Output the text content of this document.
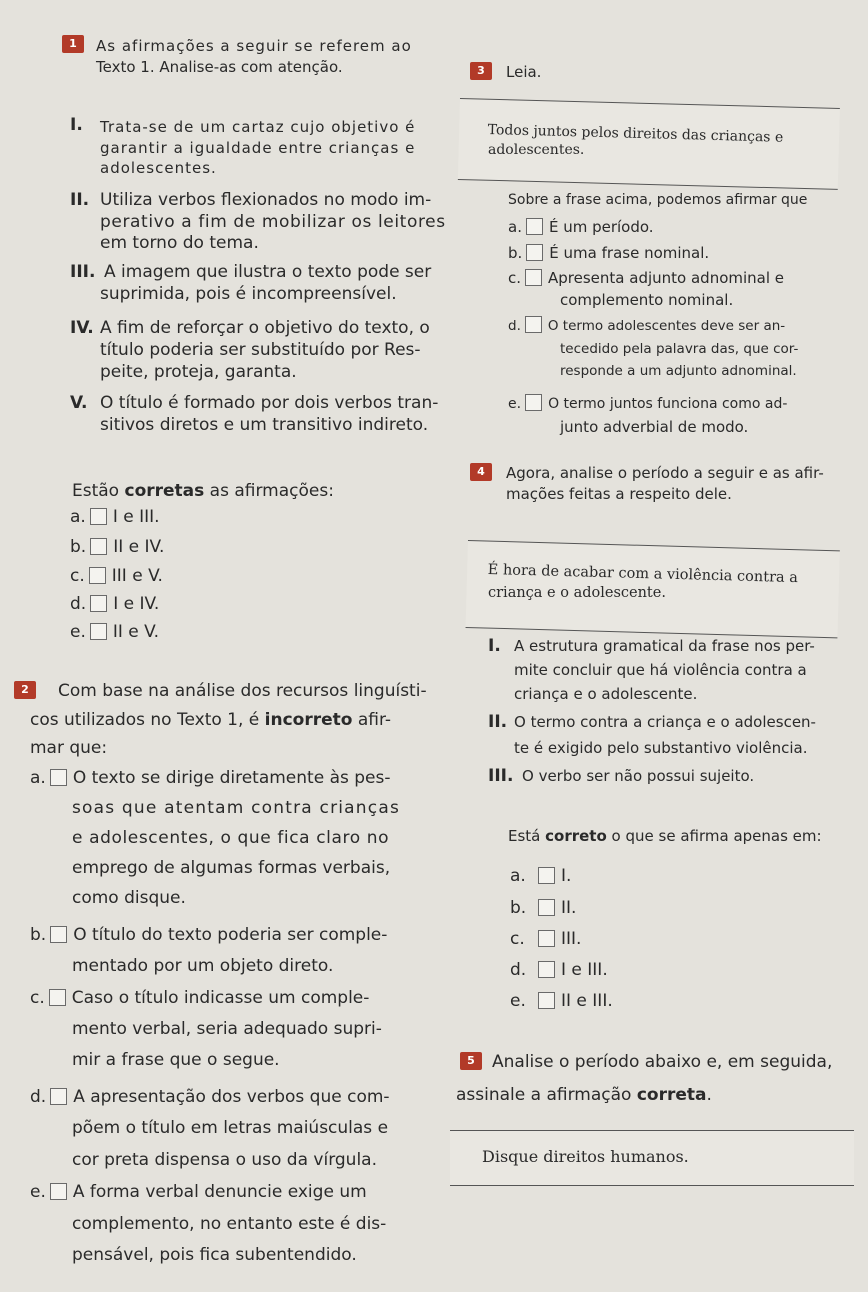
1	As afirmações a seguir se referem ao
Texto 1. Analise-as com atenção.
I. Trata-se de um cartaz cujo objetivo é
garantir a igualdade entre crianças e
adolescentes.
II. Utiliza verbos flexionados no modo im-
perativo a fim de mobilizar os leitores
em torno do tema.
III. A imagem que ilustra o texto pode ser
suprimida, pois é incompreensível.
IV. A fim de reforçar o objetivo do texto, o
título poderia ser substituído por Res-
peite, proteja, garanta.
V. O título é formado por dois verbos tran-
sitivos diretos e um transitivo indireto.
Estão corretas as afirmações:
a. I e III.
b. II e IV.
c. III e V.
d. I e IV.
e. II e V.
2	Com base na análise dos recursos linguísti-
cos utilizados no Texto 1, é incorreto afir-
mar que:
a. O texto se dirige diretamente às pes-
soas que atentam contra crianças
e adolescentes, o que fica claro no
emprego de algumas formas verbais,
como disque.
b. O título do texto poderia ser comple-
mentado por um objeto direto.
c. Caso o título indicasse um comple-
mento verbal, seria adequado supri-
mir a frase que o segue.
d. A apresentação dos verbos que com-
põem o título em letras maiúsculas e
cor preta dispensa o uso da vírgula.
e. A forma verbal denuncie exige um
complemento, no entanto este é dis-
pensável, pois fica subentendido.
3	Leia.
Todos juntos pelos direitos das crianças e
adolescentes.
Sobre a frase acima, podemos afirmar que
a. É um período.
b. É uma frase nominal.
c. Apresenta adjunto adnominal e
complemento nominal.
d. O termo adolescentes deve ser an-
tecedido pela palavra das, que cor-
responde a um adjunto adnominal.
e. O termo juntos funciona como ad-
junto adverbial de modo.
4	Agora, analise o período a seguir e as afir-
mações feitas a respeito dele.
É hora de acabar com a violência contra a
criança e o adolescente.
I. A estrutura gramatical da frase nos per-
mite concluir que há violência contra a
criança e o adolescente.
II. O termo contra a criança e o adolescen-
te é exigido pelo substantivo violência.
III. O verbo ser não possui sujeito.
Está correto o que se afirma apenas em:
a. I.
b. II.
c. III.
d. I e III.
e. II e III.
5	Analise o período abaixo e, em seguida,
assinale a afirmação correta.
Disque direitos humanos.
